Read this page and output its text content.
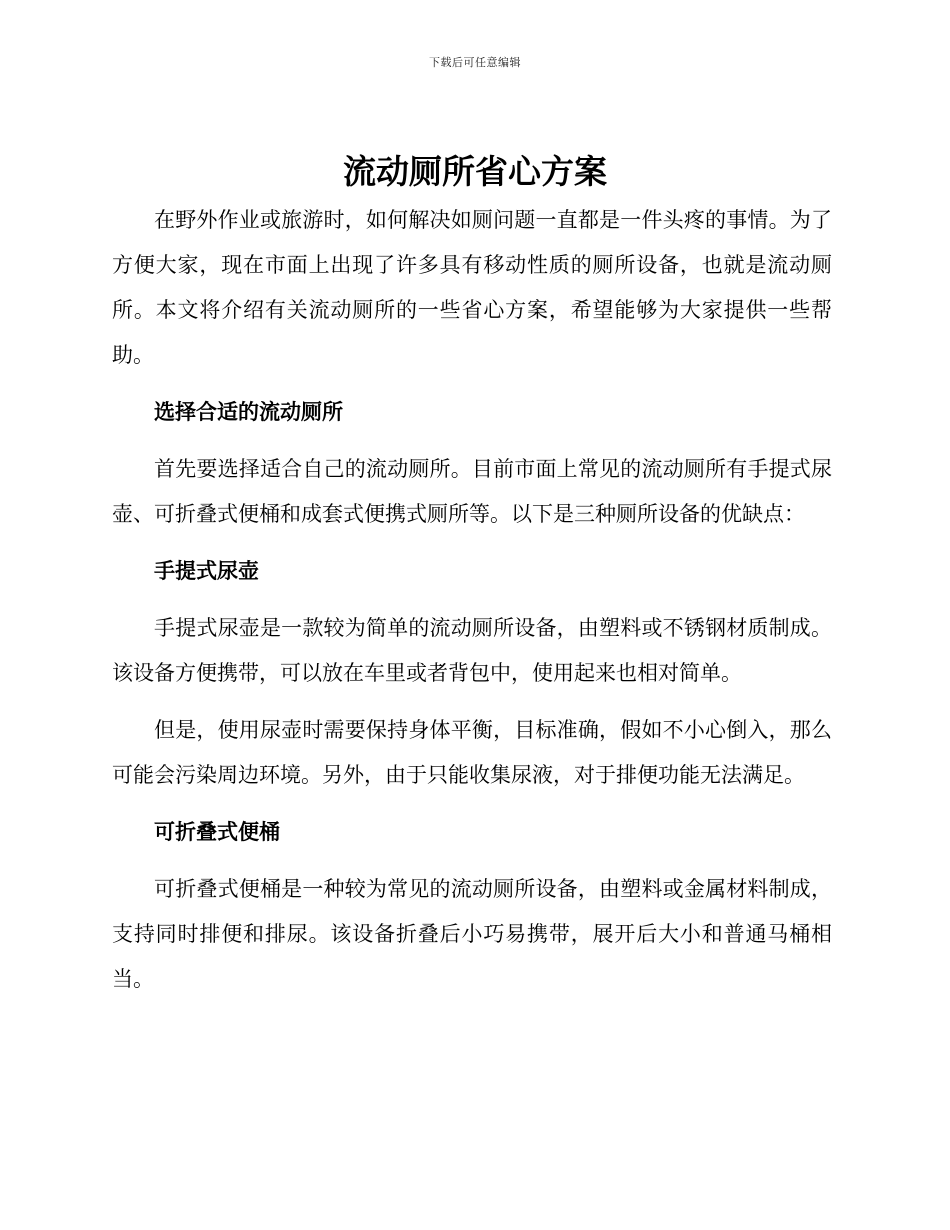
下载后可任意编辑
流动厕所省心方案

在野外作业或旅游时，如何解决如厕问题一直都是一件头疼的事情。为了方便大家，现在市面上出现了许多具有移动性质的厕所设备，也就是流动厕所。本文将介绍有关流动厕所的一些省心方案，希望能够为大家提供一些帮助。

选择合适的流动厕所

首先要选择适合自己的流动厕所。目前市面上常见的流动厕所有手提式尿壶、可折叠式便桶和成套式便携式厕所等。以下是三种厕所设备的优缺点：

手提式尿壶

手提式尿壶是一款较为简单的流动厕所设备，由塑料或不锈钢材质制成。该设备方便携带，可以放在车里或者背包中，使用起来也相对简单。

但是，使用尿壶时需要保持身体平衡，目标准确，假如不小心倒入，那么可能会污染周边环境。另外，由于只能收集尿液，对于排便功能无法满足。

可折叠式便桶

可折叠式便桶是一种较为常见的流动厕所设备，由塑料或金属材料制成，支持同时排便和排尿。该设备折叠后小巧易携带，展开后大小和普通马桶相当。
